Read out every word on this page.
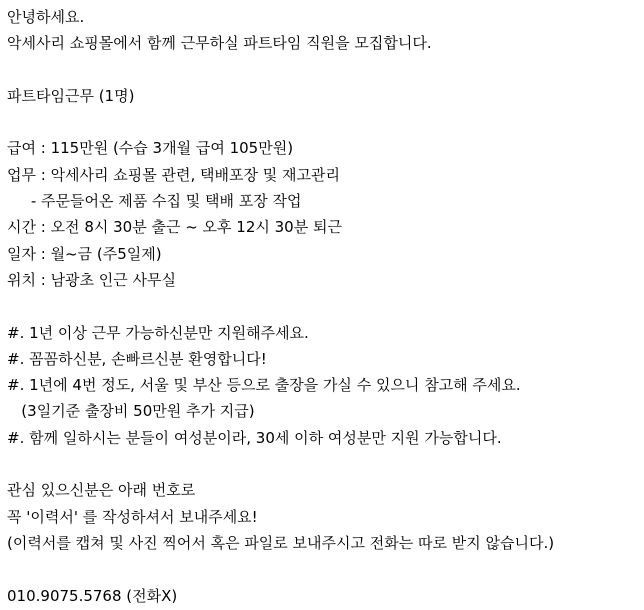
안녕하세요.
악세사리 쇼핑몰에서 함께 근무하실 파트타임 직원을 모집합니다.
파트타임근무 (1명)
급여 : 115만원 (수습 3개월 급여 105만원)
업무 : 악세사리 쇼핑몰 관련, 택배포장 및 재고관리
- 주문들어온 제품 수집 및 택배 포장 작업
시간 : 오전 8시 30분 출근 ~ 오후 12시 30분 퇴근
일자 : 월~금 (주5일제)
위치 : 남광초 인근 사무실
#. 1년 이상 근무 가능하신분만 지원해주세요.
#. 꼼꼼하신분, 손빠르신분 환영합니다!
#. 1년에 4번 정도, 서울 및 부산 등으로 출장을 가실 수 있으니 참고해 주세요.
(3일기준 출장비 50만원 추가 지급)
#. 함께 일하시는 분들이 여성분이라, 30세 이하 여성분만 지원 가능합니다.
관심 있으신분은 아래 번호로
꼭 '이력서' 를 작성하셔서 보내주세요!
(이력서를 캡쳐 및 사진 찍어서 혹은 파일로 보내주시고 전화는 따로 받지 않습니다.)
010.9075.5768 (전화X)
